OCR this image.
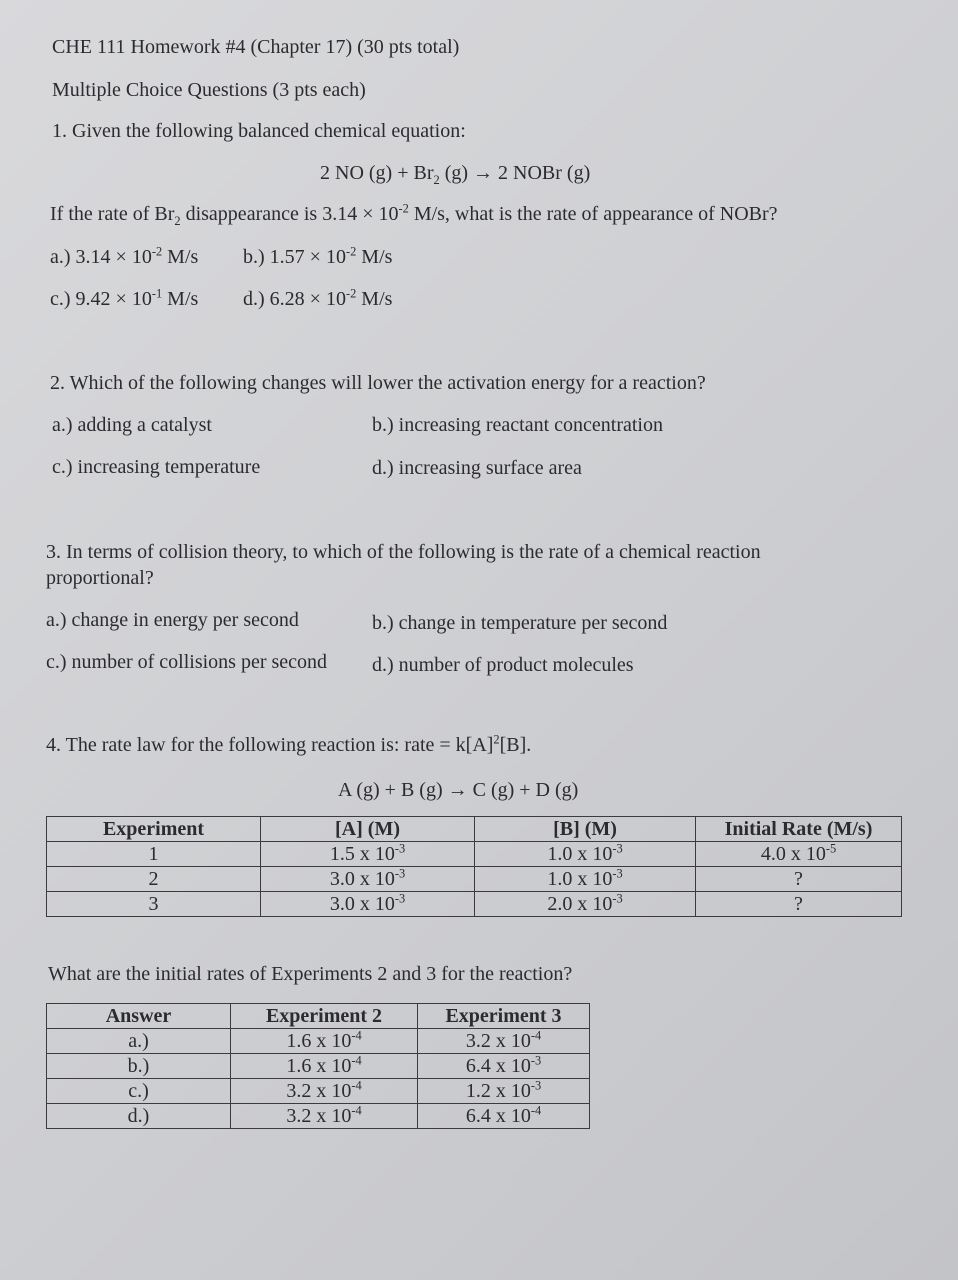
CHE 111 Homework #4 (Chapter 17) (30 pts total)
Multiple Choice Questions (3 pts each)
1. Given the following balanced chemical equation:
2 NO $(g) + Br_2$ (g) → 2 NOBr (g)
If the rate of $Br_2$ disappearance is $3.14 \times 10^{-2}$ M/s, what is the rate of appearance of NOBr?
a.) $3.14 \times 10^{-2}$ M/s b.) $1.57 \times 10^{-2}$ M/s
c.) $9.42 \times 10^{-1}$ M/s d.) $6.28 \times 10^{-2}$ M/s
2. Which of the following changes will lower the activation energy for a reaction?
a.) adding a catalyst	b.) increasing reactant concentration
c.) increasing temperature	d.) increasing surface area
3. In terms of collision theory, to which of the following is the rate of a chemical reaction
proportional?
a.) change in energy per second	b.) change in temperature per second
c.) number of collisions per second d.) number of product molecules
4. The rate law for the following reaction is: rate = $k[A]^2[B]$.
A (g) + B (g) → C (g) + D (g)
Experiment	[A] (M)	[B] (M)	Initial Rate (M/s)
1	1.5 x $10^{-3}$	1.0 x $10^{-3}$	4.0 x $10^{-5}$
2	3.0 x $10^{-3}$	1.0 x $10^{-3}$	?
3	3.0 x $10^{-3}$	2.0 x $10^{-3}$	?
What are the initial rates of Experiments 2 and 3 for the reaction?
Answer	Experiment 2	Experiment 3
a.)	1.6 x $10^{-4}$	3.2 x $10^{-4}$
b.)	1.6 x $10^{-4}$	6.4 x $10^{-3}$
c.)	3.2 x $10^{-4}$	1.2 x $10^{-3}$
d.)	3.2 x $10^{-4}$	6.4 x $10^{-4}$
